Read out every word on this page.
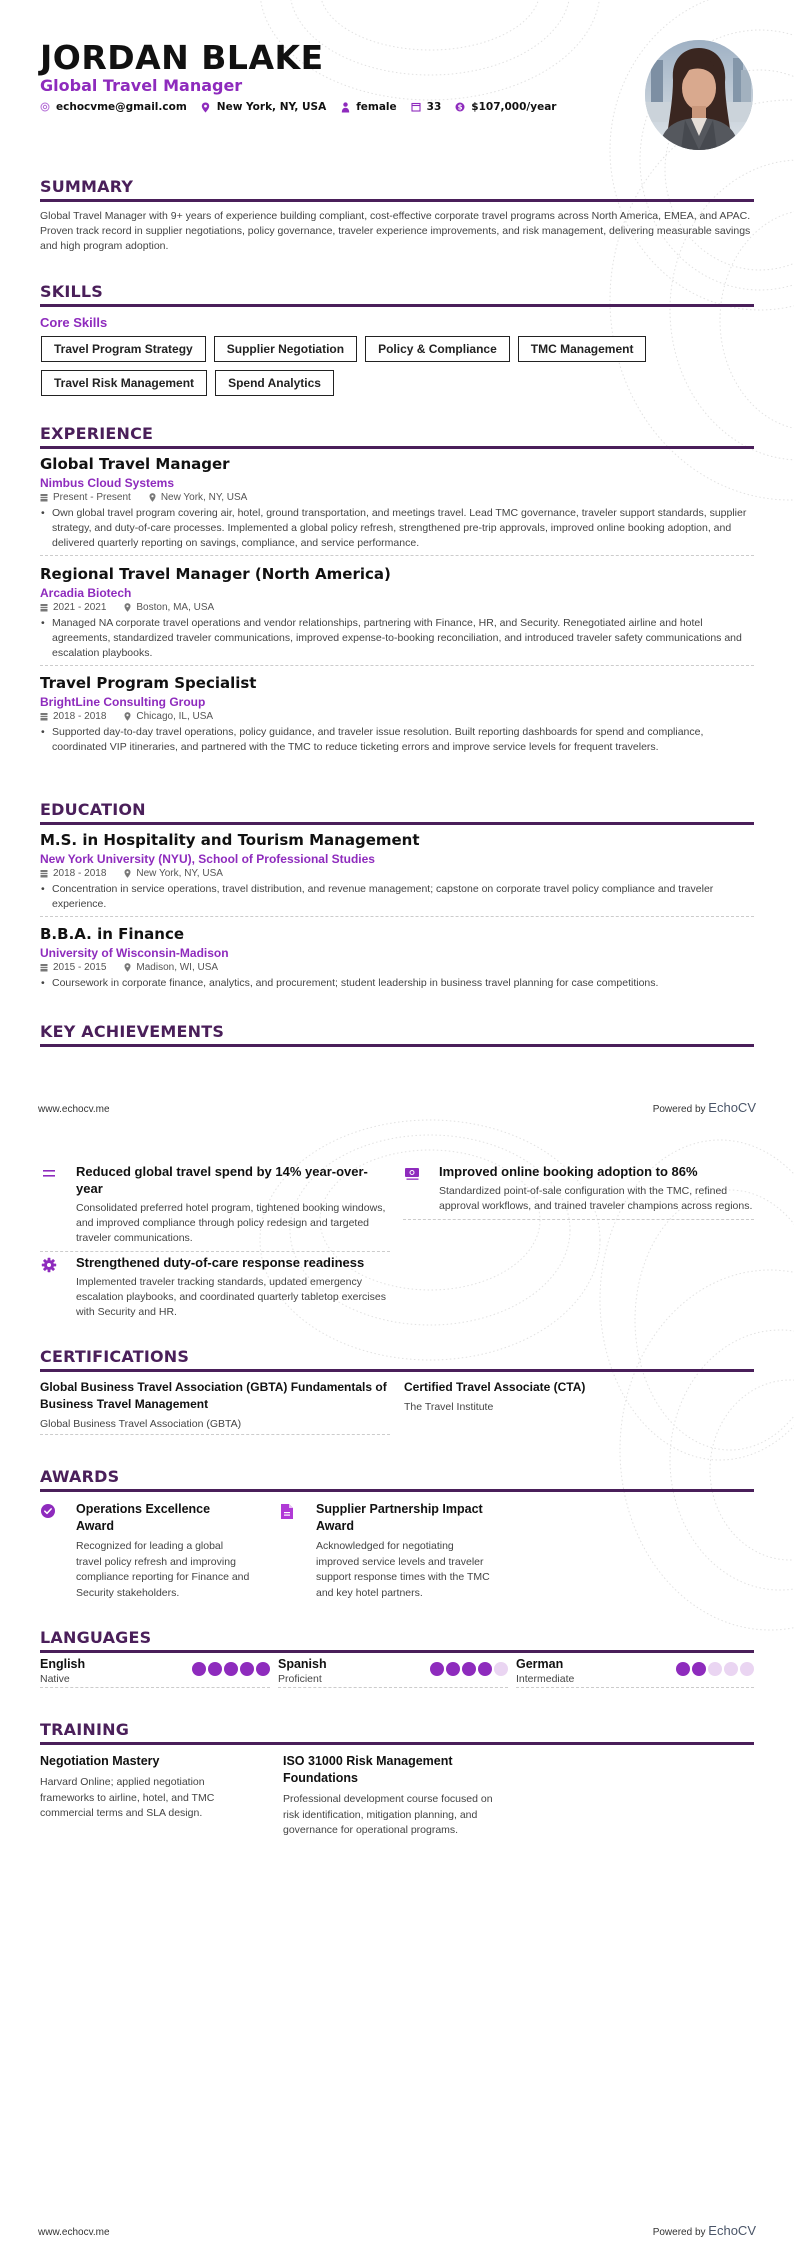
JORDAN BLAKE
Global Travel Manager
echocvme@gmail.com	New York, NY, USA	female	33 $ $107,000/year
SUMMARY
Global Travel Manager with 9+ years of experience building compliant, cost-effective corporate travel programs across North America, EMEA, and APAC. Proven track record in supplier negotiations, policy governance, traveler experience improvements, and risk management, delivering measurable savings and high program adoption.
SKILLS
Core Skills
Travel Program Strategy	Supplier Negotiation	Policy & Compliance	TMC Management
Travel Risk Management	Spend Analytics
EXPERIENCE
Global Travel Manager
Nimbus Cloud Systems
Present - Present	New York, NY, USA
• Own global travel program covering air, hotel, ground transportation, and meetings travel. Lead TMC governance, traveler support standards, supplier strategy, and duty-of-care processes. Implemented a global policy refresh, strengthened pre-trip approvals, improved online booking adoption, and delivered quarterly reporting on savings, compliance, and service performance.
Regional Travel Manager (North America)
Arcadia Biotech
2021 - 2021	Boston, MA, USA
• Managed NA corporate travel operations and vendor relationships, partnering with Finance, HR, and Security. Renegotiated airline and hotel agreements, standardized traveler communications, improved expense-to-booking reconciliation, and introduced traveler safety communications and escalation playbooks.
Travel Program Specialist
BrightLine Consulting Group
2018 - 2018	Chicago, IL, USA
• Supported day-to-day travel operations, policy guidance, and traveler issue resolution. Built reporting dashboards for spend and compliance, coordinated VIP itineraries, and partnered with the TMC to reduce ticketing errors and improve service levels for frequent travelers.
EDUCATION
M.S. in Hospitality and Tourism Management
New York University (NYU), School of Professional Studies
2018 - 2018	New York, NY, USA
• Concentration in service operations, travel distribution, and revenue management; capstone on corporate travel policy compliance and traveler experience.
B.B.A. in Finance
University of Wisconsin-Madison
2015 - 2015	Madison, WI, USA
• Coursework in corporate finance, analytics, and procurement; student leadership in business travel planning for case competitions.
KEY ACHIEVEMENTS
www.echocv.me	Powered by EchoCV
Reduced global travel spend by 14% year-over-year
Consolidated preferred hotel program, tightened booking windows, and improved compliance through policy redesign and targeted traveler communications.
Improved online booking adoption to 86%
Standardized point-of-sale configuration with the TMC, refined approval workflows, and trained traveler champions across regions.
Strengthened duty-of-care response readiness
Implemented traveler tracking standards, updated emergency escalation playbooks, and coordinated quarterly tabletop exercises with Security and HR.
CERTIFICATIONS
Global Business Travel Association (GBTA) Fundamentals of Business Travel Management
Global Business Travel Association (GBTA)
Certified Travel Associate (CTA)
The Travel Institute
AWARDS
Operations Excellence Award
Recognized for leading a global travel policy refresh and improving compliance reporting for Finance and Security stakeholders.
Supplier Partnership Impact Award
Acknowledged for negotiating improved service levels and traveler support response times with the TMC and key hotel partners.
LANGUAGES
English
Native
Spanish
Proficient
German
Intermediate
TRAINING
Negotiation Mastery
Harvard Online; applied negotiation frameworks to airline, hotel, and TMC commercial terms and SLA design.
ISO 31000 Risk Management Foundations
Professional development course focused on risk identification, mitigation planning, and governance for operational programs.
www.echocv.me	Powered by EchoCV
